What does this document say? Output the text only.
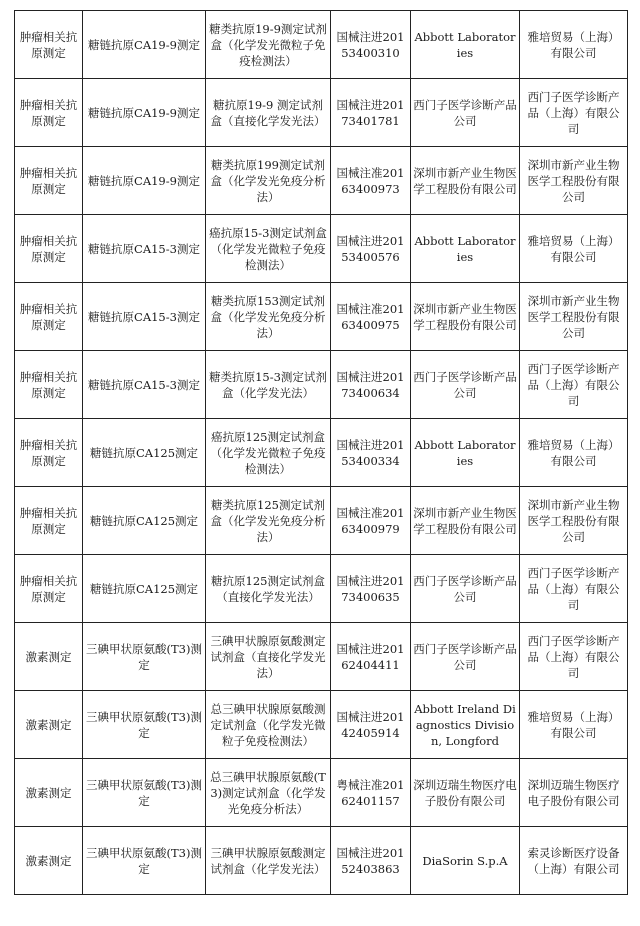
肿瘤相关抗原测定	糖链抗原CA19-9测定	糖类抗原19-9测定试剂盒（化学发光微粒子免疫检测法）	国械注进20153400310	Abbott Laboratories	雅培贸易（上海）有限公司
肿瘤相关抗原测定	糖链抗原CA19-9测定	糖抗原19-9 测定试剂盒（直接化学发光法）	国械注进20173401781	西门子医学诊断产品公司	西门子医学诊断产品（上海）有限公司
肿瘤相关抗原测定	糖链抗原CA19-9测定	糖类抗原199测定试剂盒（化学发光免疫分析法）	国械注准20163400973	深圳市新产业生物医学工程股份有限公司	深圳市新产业生物医学工程股份有限公司
肿瘤相关抗原测定	糖链抗原CA15-3测定	癌抗原15-3测定试剂盒（化学发光微粒子免疫检测法）	国械注进20153400576	Abbott Laboratories	雅培贸易（上海）有限公司
肿瘤相关抗原测定	糖链抗原CA15-3测定	糖类抗原153测定试剂盒（化学发光免疫分析法）	国械注准20163400975	深圳市新产业生物医学工程股份有限公司	深圳市新产业生物医学工程股份有限公司
肿瘤相关抗原测定	糖链抗原CA15-3测定	糖类抗原15-3测定试剂盒（化学发光法）	国械注进20173400634	西门子医学诊断产品公司	西门子医学诊断产品（上海）有限公司
肿瘤相关抗原测定	糖链抗原CA125测定	癌抗原125测定试剂盒（化学发光微粒子免疫检测法）	国械注进20153400334	Abbott Laboratories	雅培贸易（上海）有限公司
肿瘤相关抗原测定	糖链抗原CA125测定	糖类抗原125测定试剂盒（化学发光免疫分析法）	国械注准20163400979	深圳市新产业生物医学工程股份有限公司	深圳市新产业生物医学工程股份有限公司
肿瘤相关抗原测定	糖链抗原CA125测定	糖抗原125测定试剂盒（直接化学发光法）	国械注进20173400635	西门子医学诊断产品公司	西门子医学诊断产品（上海）有限公司
激素测定	三碘甲状原氨酸(T3)测定	三碘甲状腺原氨酸测定试剂盒（直接化学发光法）	国械注进20162404411	西门子医学诊断产品公司	西门子医学诊断产品（上海）有限公司
激素测定	三碘甲状原氨酸(T3)测定	总三碘甲状腺原氨酸测定试剂盒（化学发光微粒子免疫检测法）	国械注进20142405914	Abbott Ireland Diagnostics Division, Longford	雅培贸易（上海）有限公司
激素测定	三碘甲状原氨酸(T3)测定	总三碘甲状腺原氨酸(T3)测定试剂盒（化学发光免疫分析法）	粤械注准20162401157	深圳迈瑞生物医疗电子股份有限公司	深圳迈瑞生物医疗电子股份有限公司
激素测定	三碘甲状原氨酸(T3)测定	三碘甲状腺原氨酸测定试剂盒（化学发光法）	国械注进20152403863	DiaSorin S.p.A	索灵诊断医疗设备（上海）有限公司
